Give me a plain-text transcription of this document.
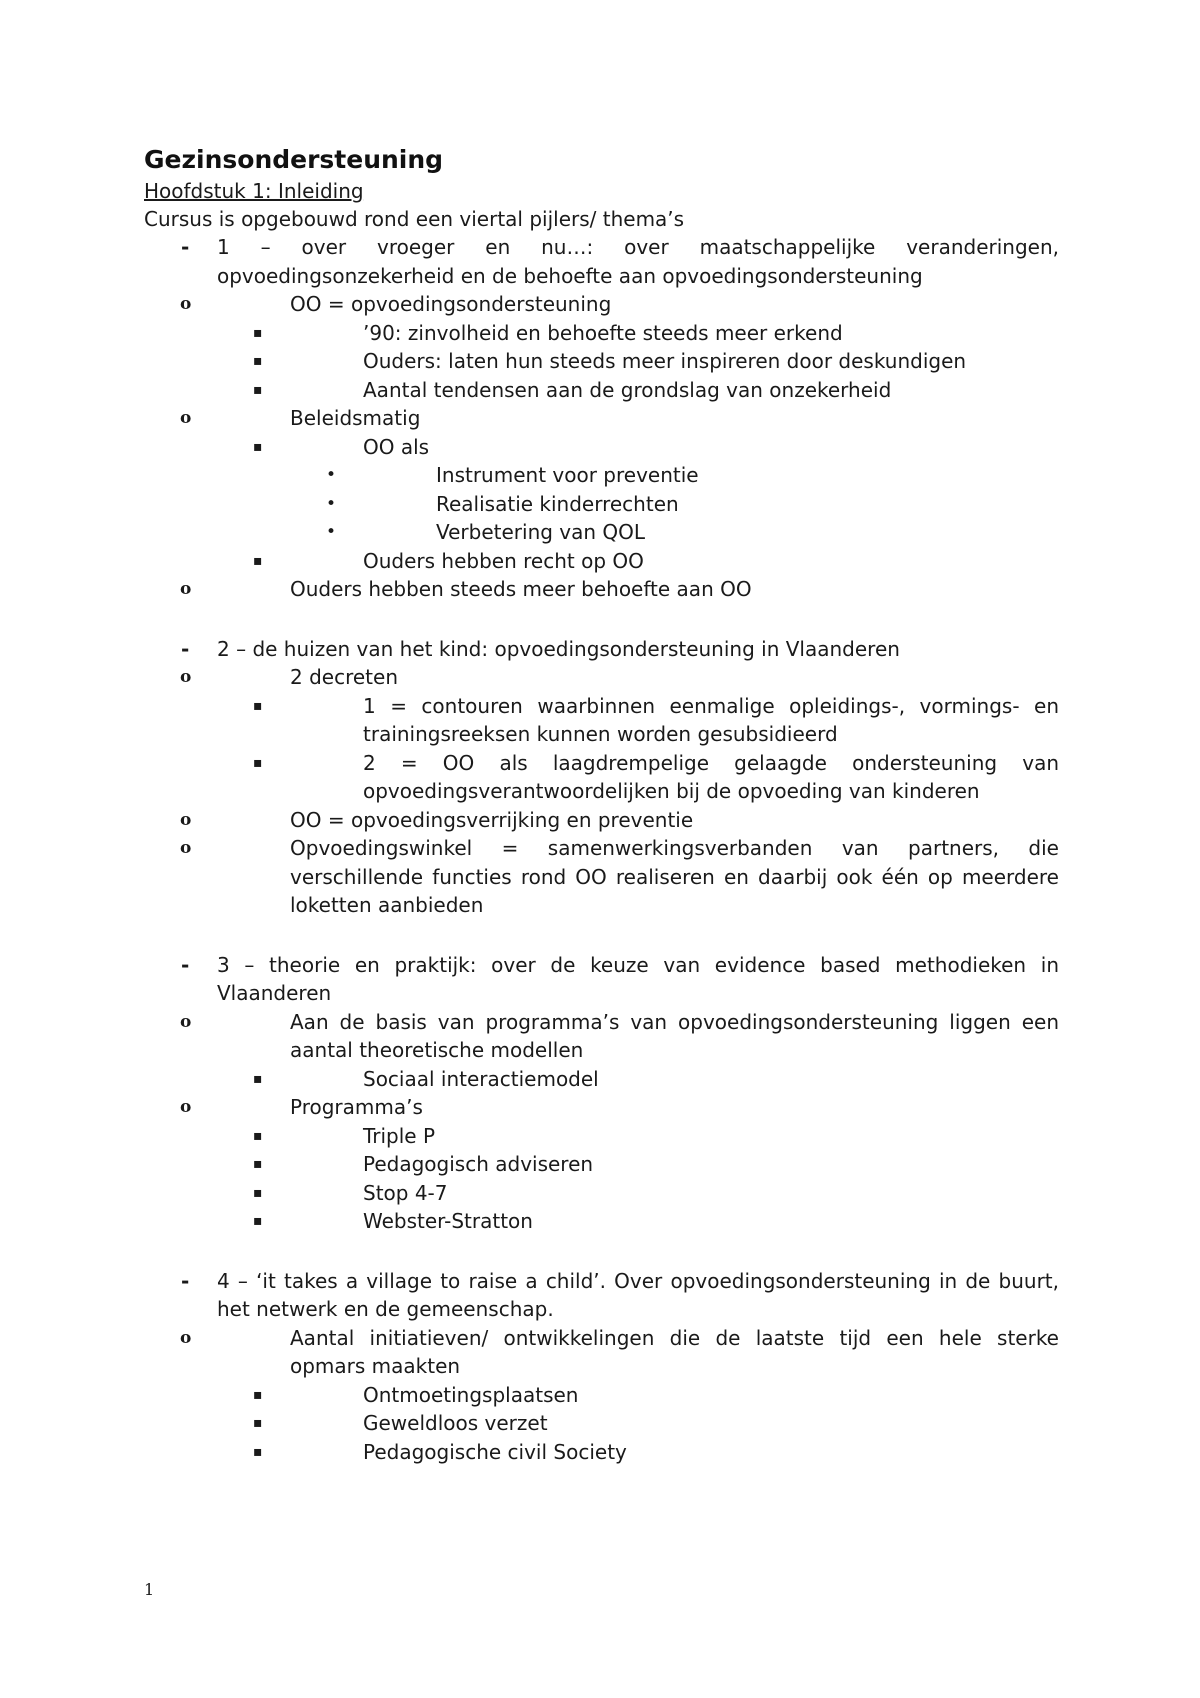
Gezinsondersteuning

Hoofdstuk 1: Inleiding

Cursus is opgebouwd rond een viertal pijlers/ thema’s

-	1 – over vroeger en nu…: over maatschappelijke veranderingen, opvoedingsonzekerheid en de behoefte aan opvoedingsondersteuning
o	OO = opvoedingsondersteuning
▪	’90: zinvolheid en behoefte steeds meer erkend
▪	Ouders: laten hun steeds meer inspireren door deskundigen
▪	Aantal tendensen aan de grondslag van onzekerheid
o	Beleidsmatig
▪	OO als
•	Instrument voor preventie
•	Realisatie kinderrechten
•	Verbetering van QOL
▪	Ouders hebben recht op OO
o	Ouders hebben steeds meer behoefte aan OO
-	2 – de huizen van het kind: opvoedingsondersteuning in Vlaanderen
o	2 decreten
▪	1 = contouren waarbinnen eenmalige opleidings-, vormings- en trainingsreeksen kunnen worden gesubsidieerd
▪	2 = OO als laagdrempelige gelaagde ondersteuning van opvoedingsverantwoordelijken bij de opvoeding van kinderen
o	OO = opvoedingsverrijking en preventie
o	Opvoedingswinkel = samenwerkingsverbanden van partners, die verschillende functies rond OO realiseren en daarbij ook één op meerdere loketten aanbieden
-	3 – theorie en praktijk: over de keuze van evidence based methodieken in Vlaanderen
o	Aan de basis van programma’s van opvoedingsondersteuning liggen een aantal theoretische modellen
▪	Sociaal interactiemodel
o	Programma’s
▪	Triple P
▪	Pedagogisch adviseren
▪	Stop 4-7
▪	Webster-Stratton
-	4 – ‘it takes a village to raise a child’. Over opvoedingsondersteuning in de buurt, het netwerk en de gemeenschap.
o	Aantal initiatieven/ ontwikkelingen die de laatste tijd een hele sterke opmars maakten
▪	Ontmoetingsplaatsen
▪	Geweldloos verzet
▪	Pedagogische civil Society
1
